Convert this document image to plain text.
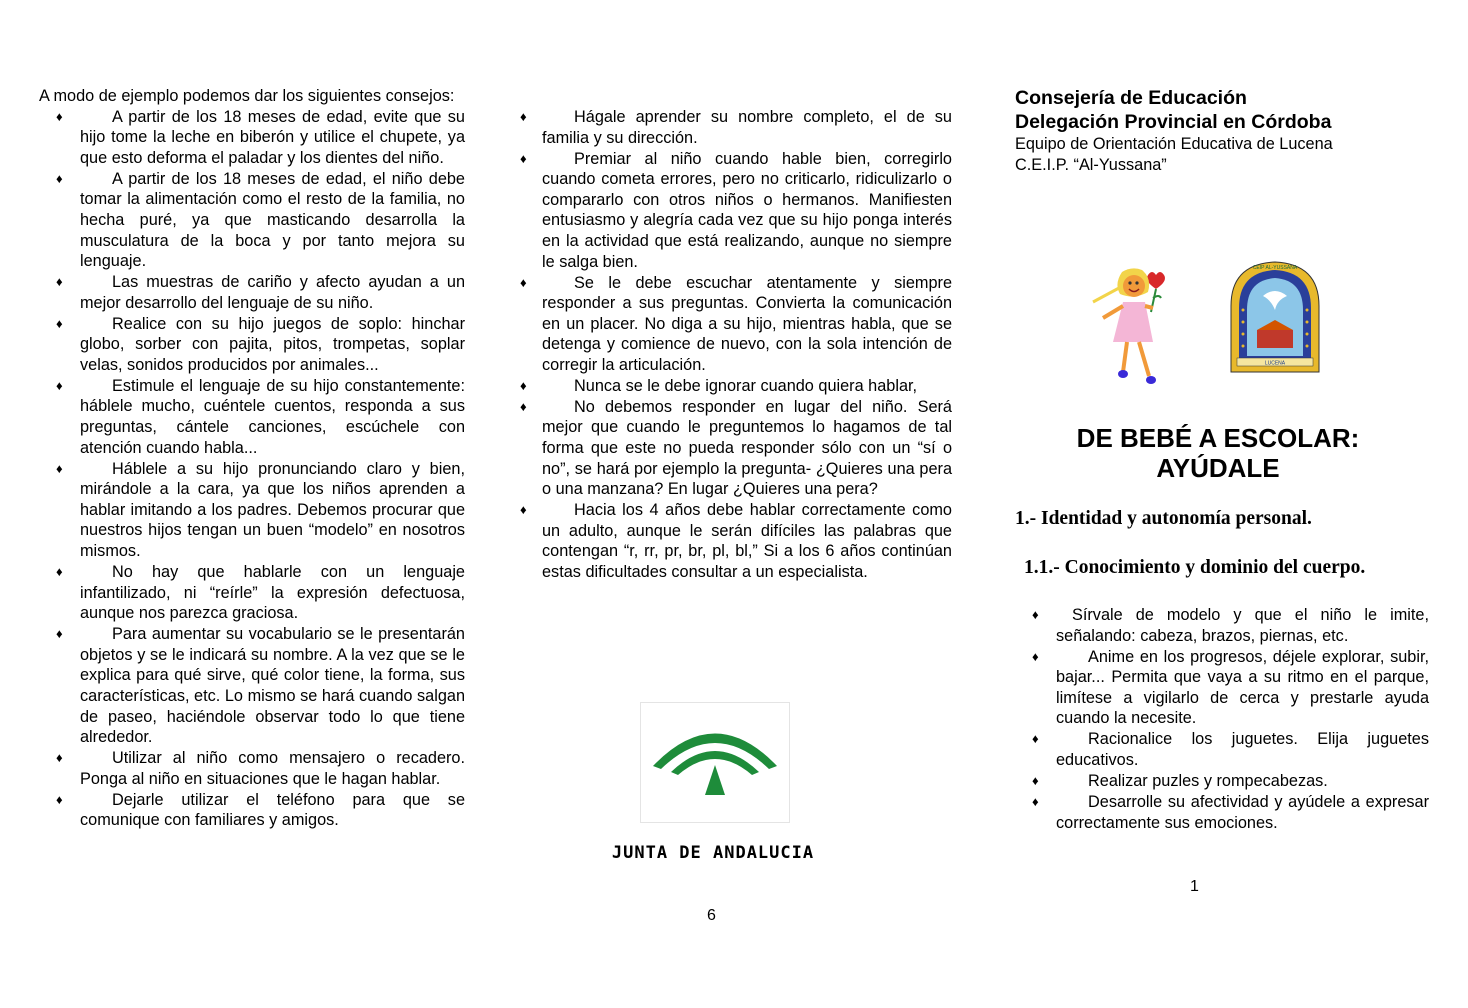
A modo de ejemplo podemos dar los siguientes consejos:

♦	A partir de los 18 meses de edad, evite que su hijo tome la leche en biberón y utilice el chupete, ya que esto deforma el paladar y los dientes del niño.
♦	A partir de los 18 meses de edad, el niño debe tomar la alimentación como el resto de la familia, no hecha puré, ya que masticando desarrolla la musculatura de la boca y por tanto mejora su lenguaje.
♦	Las muestras de cariño y afecto ayudan a un mejor desarrollo del lenguaje de su niño.
♦	Realice con su hijo juegos de soplo: hinchar globo, sorber con pajita, pitos, trompetas, soplar velas, sonidos producidos por animales...
♦	Estimule el lenguaje de su hijo constantemente: háblele mucho, cuéntele cuentos, responda a sus preguntas, cántele canciones, escúchele con atención cuando habla...
♦	Háblele a su hijo pronunciando claro y bien, mirándole a la cara, ya que los niños aprenden a hablar imitando a los padres. Debemos procurar que nuestros hijos tengan un buen “modelo” en nosotros mismos.
♦	No hay que hablarle con un lenguaje infantilizado, ni “reírle” la expresión defectuosa, aunque nos parezca graciosa.
♦	Para aumentar su vocabulario se le presentarán objetos y se le indicará su nombre. A la vez que se le explica para qué sirve, qué color tiene, la forma, sus características, etc. Lo mismo se hará cuando salgan de paseo, haciéndole observar todo lo que tiene alrededor.
♦	Utilizar al niño como mensajero o recadero. Ponga al niño en situaciones que le hagan hablar.
♦	Dejarle utilizar el teléfono para que se comunique con familiares y amigos.
♦	Hágale aprender su nombre completo, el de su familia y su dirección.
♦	Premiar al niño cuando hable bien, corregirlo cuando cometa errores, pero no criticarlo, ridiculizarlo o compararlo con otros niños o hermanos. Manifiesten entusiasmo y alegría cada vez que su hijo ponga interés en la actividad que está realizando, aunque no siempre le salga bien.
♦	Se le debe escuchar atentamente y siempre responder a sus preguntas. Convierta la comunicación en un placer. No diga a su hijo, mientras habla, que se detenga y comience de nuevo, con la sola intención de corregir la articulación.
♦	Nunca se le debe ignorar cuando quiera hablar,
♦	No debemos responder en lugar del niño. Será mejor que cuando le preguntemos lo hagamos de tal forma que este no pueda responder sólo con un “sí o no”, se hará por ejemplo la pregunta- ¿Quieres una pera o una manzana? En lugar ¿Quieres una pera?
♦	Hacia los 4 años debe hablar correctamente como un adulto, aunque le serán difíciles las palabras que contengan “r, rr, pr, br, pl, bl,” Si a los 6 años continúan estas dificultades consultar a un especialista.
JUNTA DE ANDALUCIA
6

Consejería de Educación

Delegación Provincial en Córdoba

Equipo de Orientación Educativa de Lucena

C.E.I.P. “Al-Yussana”

LUCENA
CEIP AL-YUSSANA
DE BEBÉ A ESCOLAR:
AYÚDALE
1.- Identidad y autonomía personal.
1.1.- Conocimiento y dominio del cuerpo.
♦	Sírvale de modelo y que el niño le imite, señalando: cabeza, brazos, piernas, etc.
♦	Anime en los progresos, déjele explorar, subir, bajar... Permita que vaya a su ritmo en el parque, limítese a vigilarlo de cerca y prestarle ayuda cuando la necesite.
♦	Racionalice los juguetes. Elija juguetes educativos.
♦	Realizar puzles y rompecabezas.
♦	Desarrolle su afectividad y ayúdele a expresar correctamente sus emociones.
1
